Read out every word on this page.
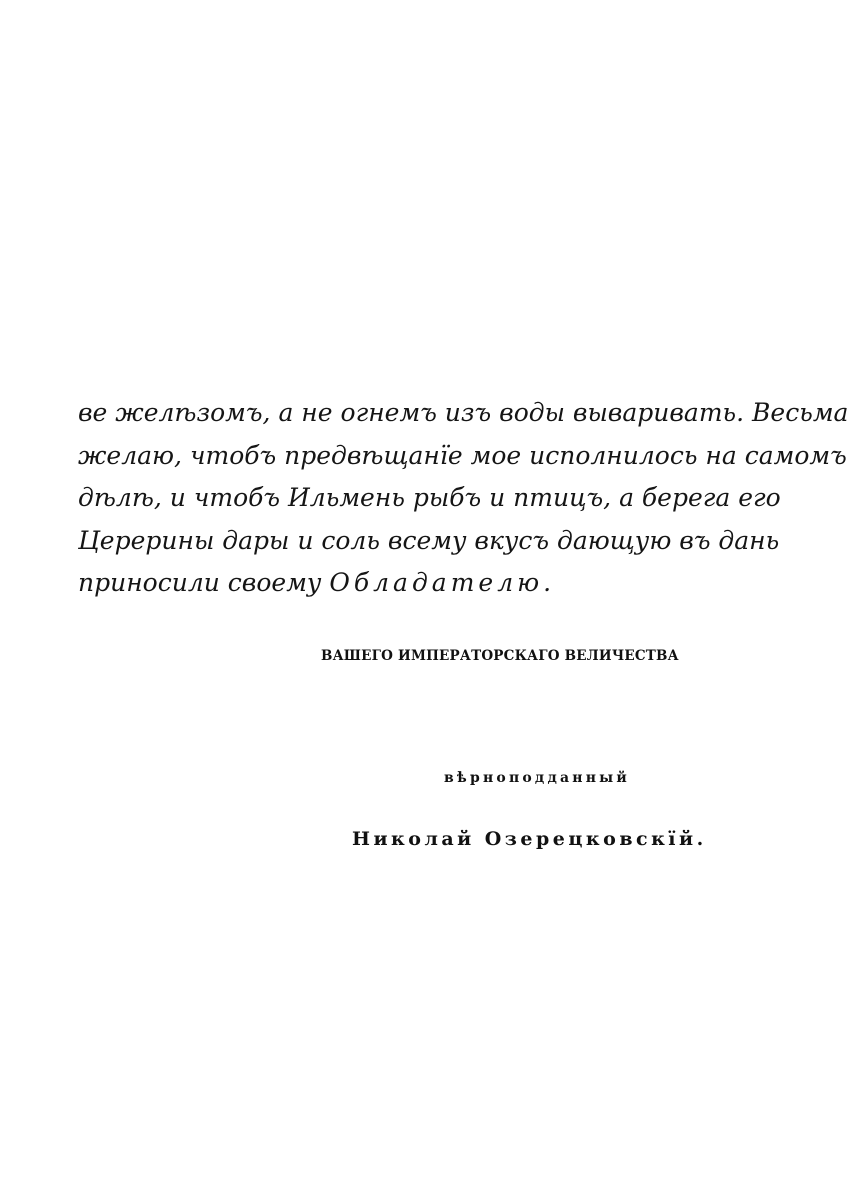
ве желѣзомъ, а не огнемъ изъ воды вываривать. Весьма
желаю, чтобъ предвѣщанїе мое исполнилось на самомъ
дѣлѣ, и чтобъ Ильмень рыбъ и птицъ, а берега его
Церерины дары и соль всему вкусъ дающую въ дань
приносили своему Обладателю.
ВАШЕГО ИМПЕРАТОРСКАГО ВЕЛИЧЕСТВА
вѣрноподданный
Николай Озерецковскїй.
